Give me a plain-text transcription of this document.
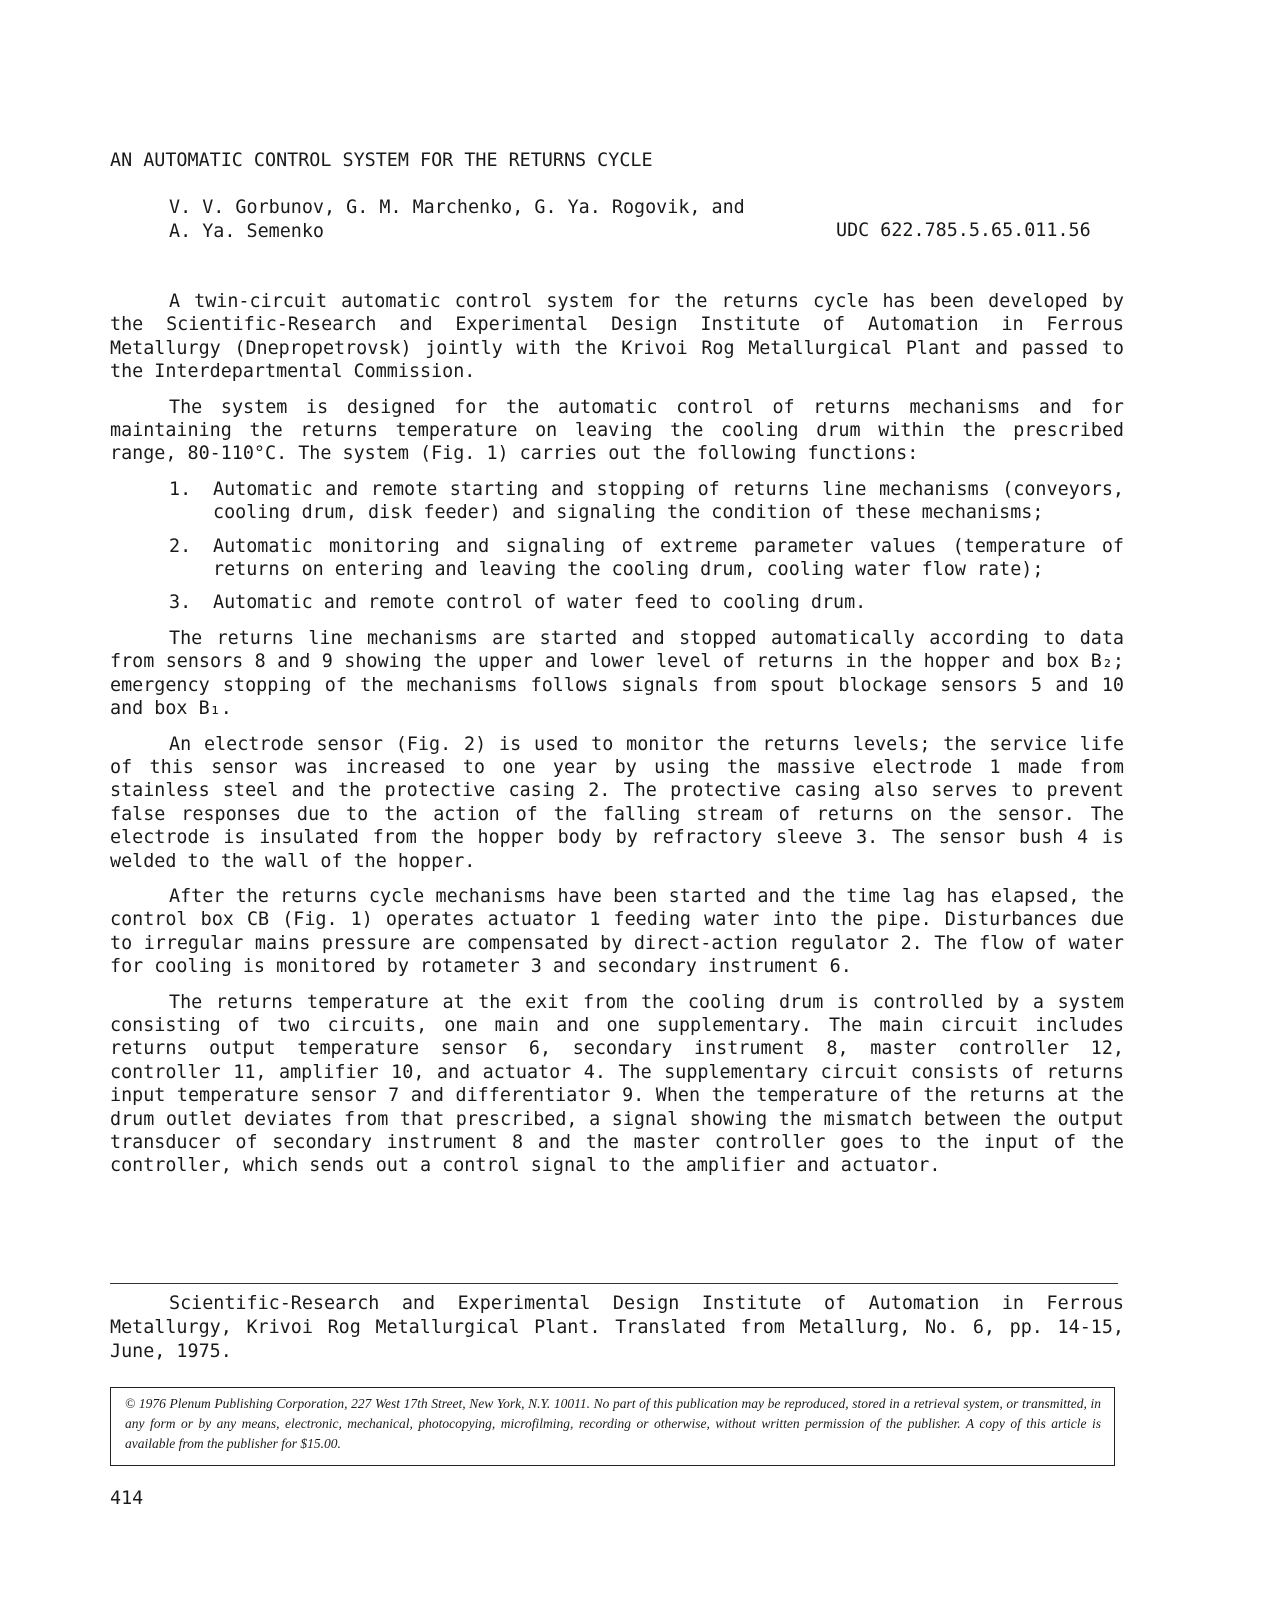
AN AUTOMATIC CONTROL SYSTEM FOR THE RETURNS CYCLE
V. V. Gorbunov, G. M. Marchenko, G. Ya. Rogovik, and
A. Ya. Semenko	UDC 622.785.5.65.011.56

A twin-circuit automatic control system for the returns cycle has been developed by the Scientific-Research and Experimental Design Institute of Automation in Ferrous Metallurgy (Dnepropetrovsk) jointly with the Krivoi Rog Metallurgical Plant and passed to the Interdepartmental Commission.

The system is designed for the automatic control of returns mechanisms and for maintaining the returns temperature on leaving the cooling drum within the prescribed range, 80-110°C. The system (Fig. 1) carries out the following functions:

1. Automatic and remote starting and stopping of returns line mechanisms (conveyors, cooling drum, disk feeder) and signaling the condition of these mechanisms;
2. Automatic monitoring and signaling of extreme parameter values (temperature of returns on entering and leaving the cooling drum, cooling water flow rate);
3. Automatic and remote control of water feed to cooling drum.

The returns line mechanisms are started and stopped automatically according to data from sensors 8 and 9 showing the upper and lower level of returns in the hopper and box B₂; emergency stopping of the mechanisms follows signals from spout blockage sensors 5 and 10 and box B₁.

An electrode sensor (Fig. 2) is used to monitor the returns levels; the service life of this sensor was increased to one year by using the massive electrode 1 made from stainless steel and the protective casing 2. The protective casing also serves to prevent false responses due to the action of the falling stream of returns on the sensor. The electrode is insulated from the hopper body by refractory sleeve 3. The sensor bush 4 is welded to the wall of the hopper.

After the returns cycle mechanisms have been started and the time lag has elapsed, the control box CB (Fig. 1) operates actuator 1 feeding water into the pipe. Disturbances due to irregular mains pressure are compensated by direct-action regulator 2. The flow of water for cooling is monitored by rotameter 3 and secondary instrument 6.

The returns temperature at the exit from the cooling drum is controlled by a system consisting of two circuits, one main and one supplementary. The main circuit includes returns output temperature sensor 6, secondary instrument 8, master controller 12, controller 11, amplifier 10, and actuator 4. The supplementary circuit consists of returns input temperature sensor 7 and differentiator 9. When the temperature of the returns at the drum outlet deviates from that prescribed, a signal showing the mismatch between the output transducer of secondary instrument 8 and the master controller goes to the input of the controller, which sends out a control signal to the amplifier and actuator.

Scientific-Research and Experimental Design Institute of Automation in Ferrous Metallurgy, Krivoi Rog Metallurgical Plant. Translated from Metallurg, No. 6, pp. 14-15, June, 1975.

© 1976 Plenum Publishing Corporation, 227 West 17th Street, New York, N.Y. 10011. No part of this publication may be reproduced, stored in a retrieval system, or transmitted, in any form or by any means, electronic, mechanical, photocopying, microfilming, recording or otherwise, without written permission of the publisher. A copy of this article is available from the publisher for $15.00.
414
